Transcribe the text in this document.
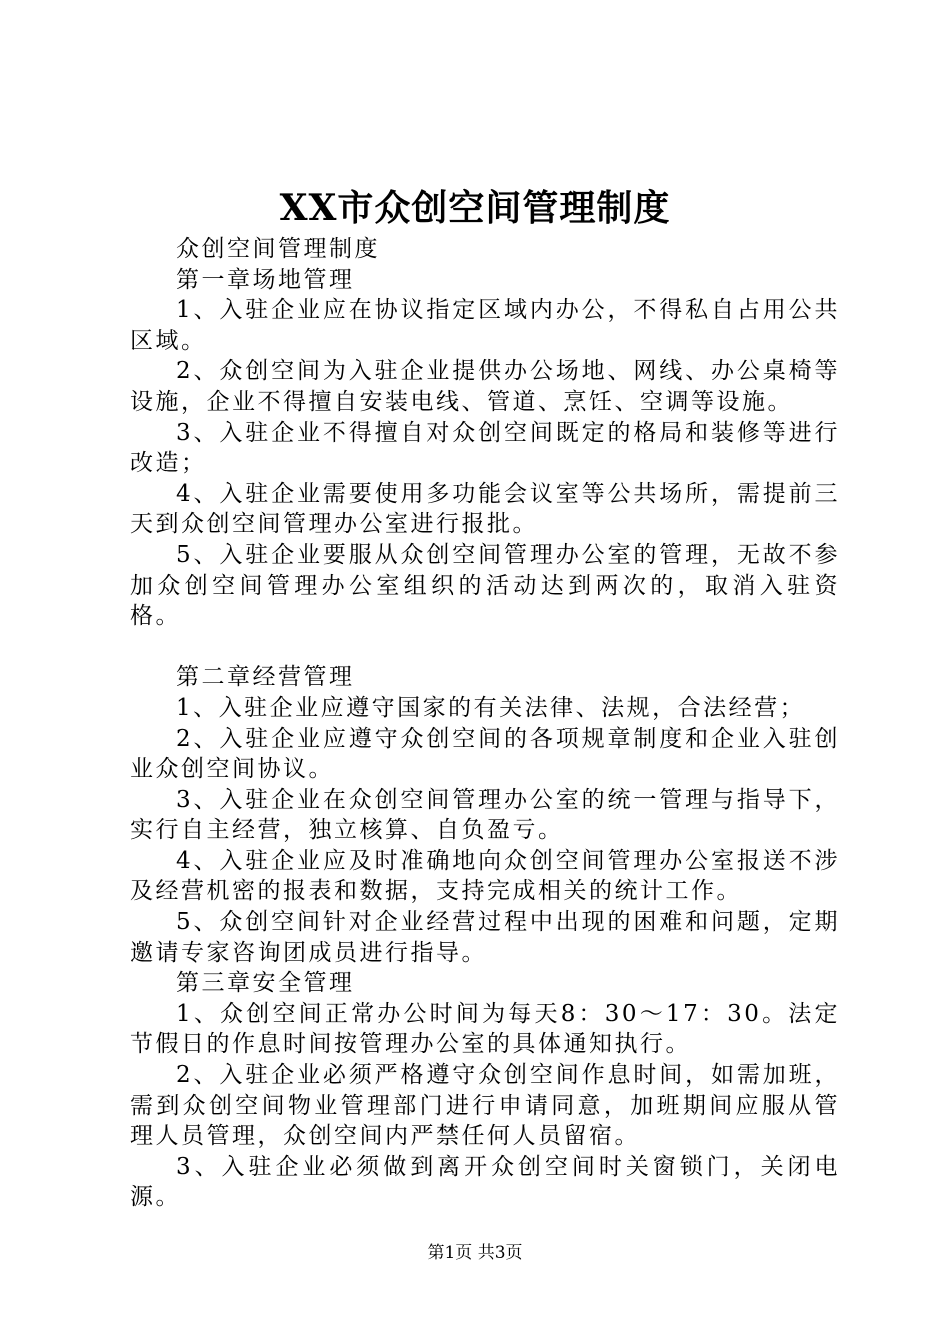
XX市众创空间管理制度

众创空间管理制度

第一章场地管理

1、入驻企业应在协议指定区域内办公，不得私自占用公共区域。

2、众创空间为入驻企业提供办公场地、网线、办公桌椅等设施，企业不得擅自安装电线、管道、烹饪、空调等设施。

3、入驻企业不得擅自对众创空间既定的格局和装修等进行改造；

4、入驻企业需要使用多功能会议室等公共场所，需提前三天到众创空间管理办公室进行报批。

5、入驻企业要服从众创空间管理办公室的管理，无故不参加众创空间管理办公室组织的活动达到两次的，取消入驻资格。

第二章经营管理

1、入驻企业应遵守国家的有关法律、法规，合法经营；

2、入驻企业应遵守众创空间的各项规章制度和企业入驻创业众创空间协议。

3、入驻企业在众创空间管理办公室的统一管理与指导下，实行自主经营，独立核算、自负盈亏。

4、入驻企业应及时准确地向众创空间管理办公室报送不涉及经营机密的报表和数据，支持完成相关的统计工作。

5、众创空间针对企业经营过程中出现的困难和问题，定期邀请专家咨询团成员进行指导。

第三章安全管理

1、众创空间正常办公时间为每天8：30～17：30。法定节假日的作息时间按管理办公室的具体通知执行。

2、入驻企业必须严格遵守众创空间作息时间，如需加班，需到众创空间物业管理部门进行申请同意，加班期间应服从管理人员管理，众创空间内严禁任何人员留宿。

3、入驻企业必须做到离开众创空间时关窗锁门，关闭电源。

第1页 共3页
